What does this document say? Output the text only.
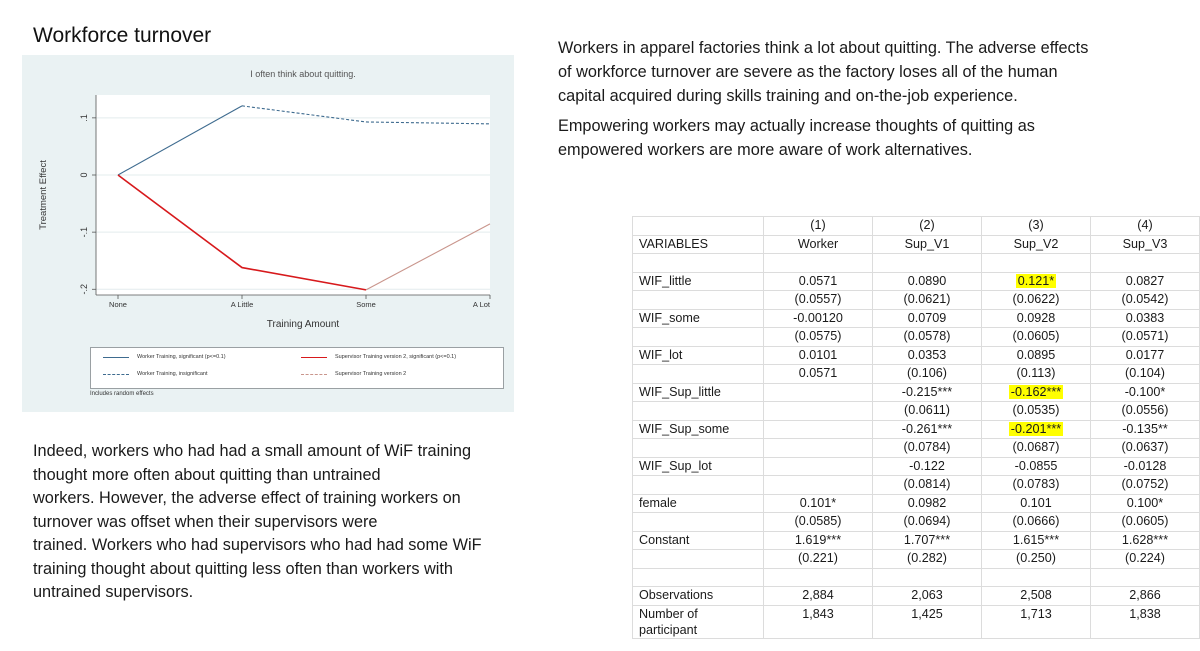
Workforce turnover
.1
0
-.1
-.2
None	A Little	Some	A Lot
I often think about quitting.
Training Amount
Treatment Effect
Worker Training, significant (p<=0.1)	Supervisor Training version 2, significant (p<=0.1)
Worker Training, insignificant	Supervisor Training version 2
Includes random effects
Workers in apparel factories think a lot about quitting. The adverse effects
of workforce turnover are severe as the factory loses all of the human
capital acquired during skills training and on-the-job experience.
Empowering workers may actually increase thoughts of quitting as
empowered workers are more aware of work alternatives.
Indeed, workers who had had a small amount of WiF training
thought more often about quitting than untrained
workers. However, the adverse effect of training workers on
turnover was offset when their supervisors were
trained. Workers who had supervisors who had had some WiF
training thought about quitting less often than workers with
untrained supervisors.
	(1)	(2)	(3)	(4)
VARIABLES	Worker	Sup_V1	Sup_V2	Sup_V3

WIF_little	0.0571	0.0890	0.121*	0.0827
	(0.0557)	(0.0621)	(0.0622)	(0.0542)
WIF_some	-0.00120	0.0709	0.0928	0.0383
	(0.0575)	(0.0578)	(0.0605)	(0.0571)
WIF_lot	0.0101	0.0353	0.0895	0.0177
	0.0571	(0.106)	(0.113)	(0.104)
WIF_Sup_little		-0.215***	-0.162***	-0.100*
		(0.0611)	(0.0535)	(0.0556)
WIF_Sup_some		-0.261***	-0.201***	-0.135**
		(0.0784)	(0.0687)	(0.0637)
WIF_Sup_lot		-0.122	-0.0855	-0.0128
		(0.0814)	(0.0783)	(0.0752)
female	0.101*	0.0982	0.101	0.100*
	(0.0585)	(0.0694)	(0.0666)	(0.0605)
Constant	1.619***	1.707***	1.615***	1.628***
	(0.221)	(0.282)	(0.250)	(0.224)

Observations	2,884	2,063	2,508	2,866
Number of participant	1,843	1,425	1,713	1,838
